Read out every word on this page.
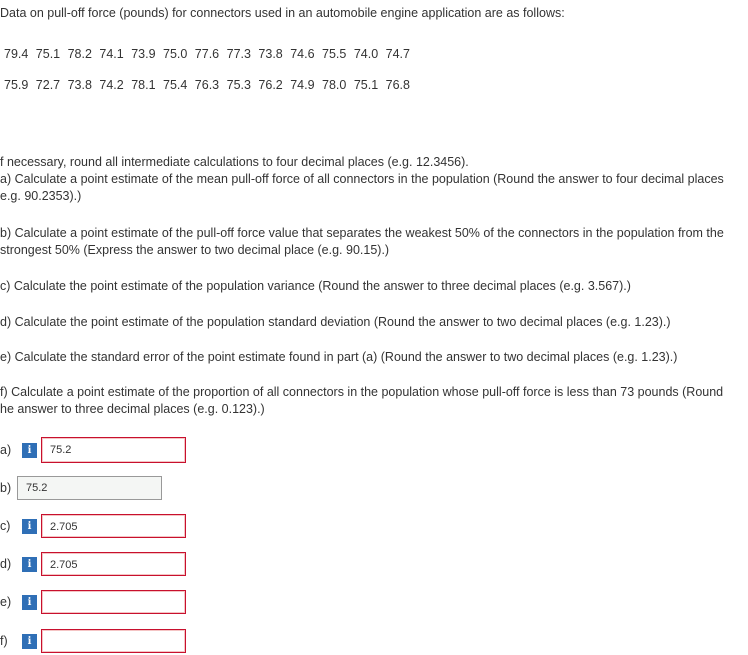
Data on pull-off force (pounds) for connectors used in an automobile engine application are as follows:
79.4 75.1 78.2 74.1 73.9 75.0 77.6 77.3 73.8 74.6 75.5 74.0 74.7
75.9 72.7 73.8 74.2 78.1 75.4 76.3 75.3 76.2 74.9 78.0 75.1 76.8
f necessary, round all intermediate calculations to four decimal places (e.g. 12.3456).
a) Calculate a point estimate of the mean pull-off force of all connectors in the population (Round the answer to four decimal places e.g. 90.2353).)
b) Calculate a point estimate of the pull-off force value that separates the weakest 50% of the connectors in the population from the strongest 50% (Express the answer to two decimal place (e.g. 90.15).)
c) Calculate the point estimate of the population variance (Round the answer to three decimal places (e.g. 3.567).)
d) Calculate the point estimate of the population standard deviation (Round the answer to two decimal places (e.g. 1.23).)
e) Calculate the standard error of the point estimate found in part (a) (Round the answer to two decimal places (e.g. 1.23).)
f) Calculate a point estimate of the proportion of all connectors in the population whose pull-off force is less than 73 pounds (Round he answer to three decimal places (e.g. 0.123).)
a)	i	75.2
b)	75.2
c)	i	2.705
d)	i	2.705
e)	i
f)	i
